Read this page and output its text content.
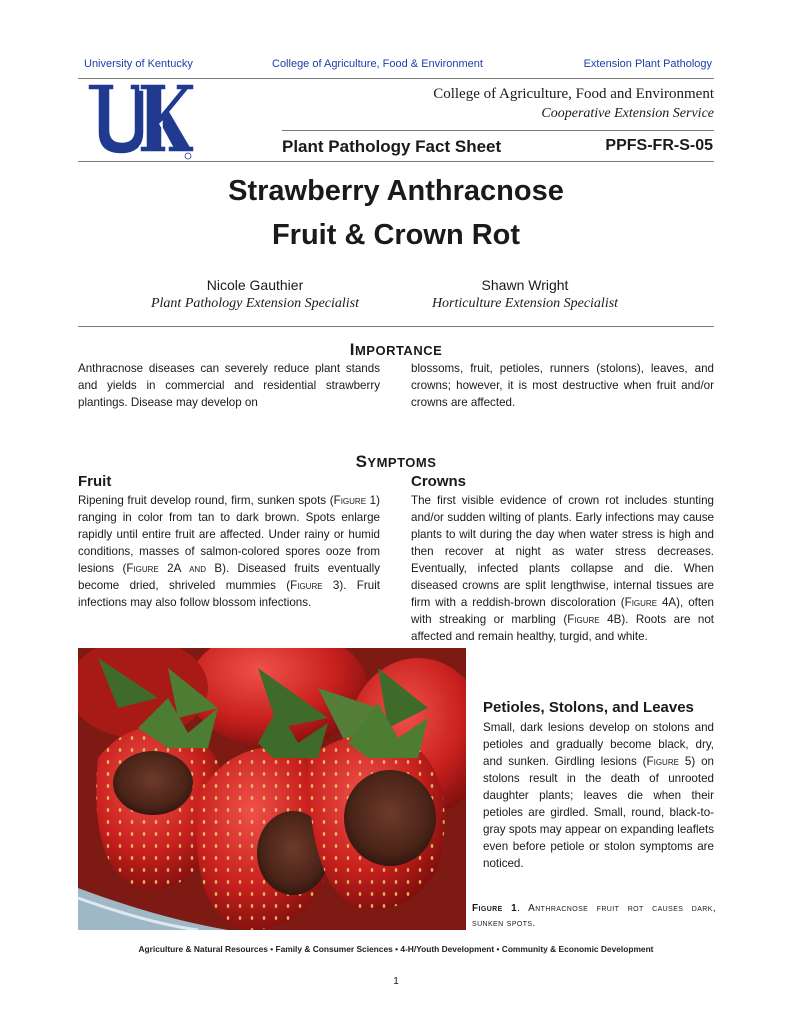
University of Kentucky	College of Agriculture, Food & Environment	Extension Plant Pathology
College of Agriculture, Food and Environment
Cooperative Extension Service
Plant Pathology Fact Sheet	PPFS-FR-S-05
Strawberry Anthracnose
Fruit & Crown Rot
Nicole Gauthier
Plant Pathology Extension Specialist
Shawn Wright
Horticulture Extension Specialist
IMPORTANCE
Anthracnose diseases can severely reduce plant stands and yields in commercial and residential strawberry plantings. Disease may develop on
blossoms, fruit, petioles, runners (stolons), leaves, and crowns; however, it is most destructive when fruit and/or crowns are affected.
SYMPTOMS
Fruit
Ripening fruit develop round, firm, sunken spots (Figure 1) ranging in color from tan to dark brown. Spots enlarge rapidly until entire fruit are affected. Under rainy or humid conditions, masses of salmon-colored spores ooze from lesions (Figure 2A and B). Diseased fruits eventually become dried, shriveled mummies (Figure 3). Fruit infections may also follow blossom infections.
Crowns
The first visible evidence of crown rot includes stunting and/or sudden wilting of plants. Early infections may cause plants to wilt during the day when water stress is high and then recover at night as water stress decreases. Eventually, infected plants collapse and die. When diseased crowns are split lengthwise, internal tissues are firm with a reddish-brown discoloration (Figure 4A), often with streaking or marbling (Figure 4B). Roots are not affected and remain healthy, turgid, and white.
Petioles, Stolons, and Leaves
Small, dark lesions develop on stolons and petioles and gradually become black, dry, and sunken. Girdling lesions (Figure 5) on stolons result in the death of unrooted daughter plants; leaves die when their petioles are girdled. Small, round, black-to-gray spots may appear on expanding leaflets even before petiole or stolon symptoms are noticed.
Figure 1. Anthracnose fruit rot causes dark, sunken spots.
Agriculture & Natural Resources • Family & Consumer Sciences • 4-H/Youth Development • Community & Economic Development
1
